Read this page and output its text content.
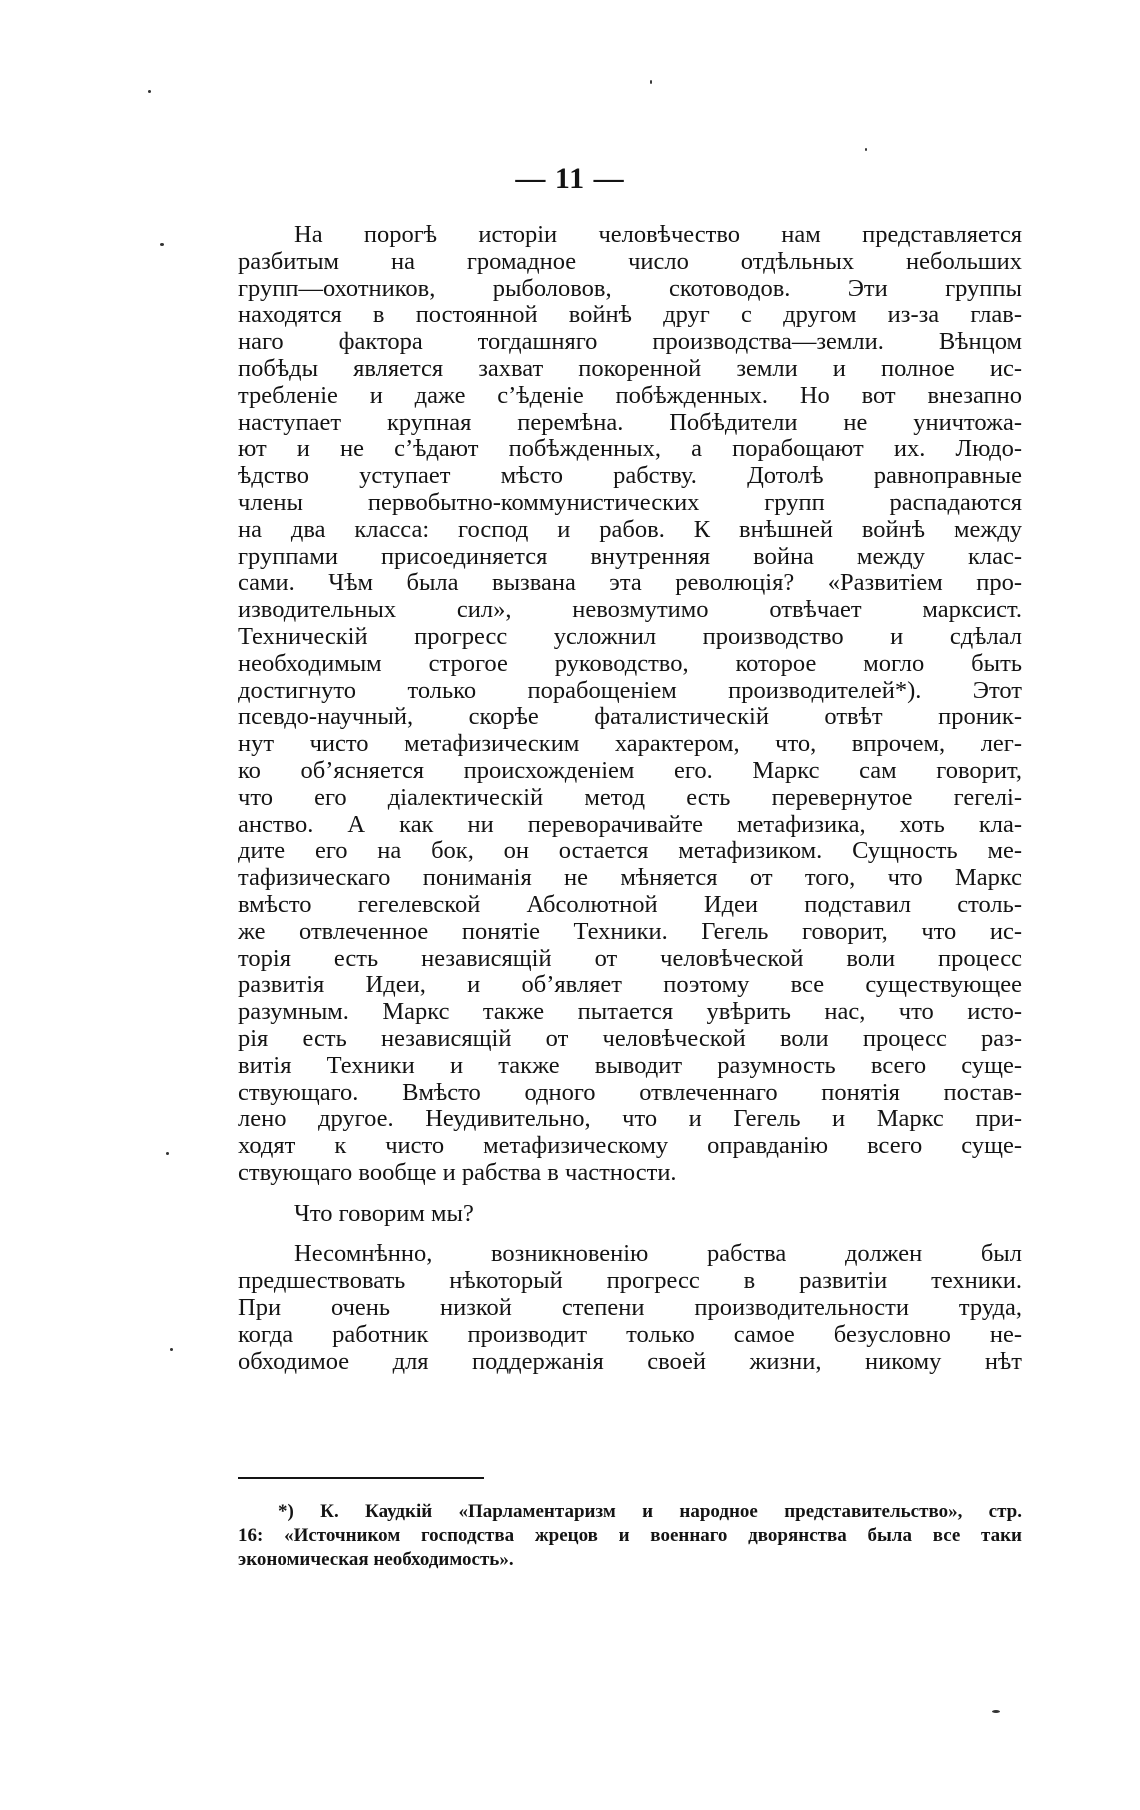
— 11 —
На порогѣ исторіи человѣчество нам представляется
разбитым на громадное число отдѣльных небольших
групп—охотников, рыболовов, скотоводов. Эти группы
находятся в постоянной войнѣ друг с другом из-за глав-
наго фактора тогдашняго производства—земли. Вѣнцом
побѣды является захват покоренной земли и полное ис-
требленіе и даже с’ѣденіе побѣжденных. Но вот внезапно
наступает крупная перемѣна. Побѣдители не уничтожа-
ют и не с’ѣдают побѣжденных, а порабощают их. Людо-
ѣдство уступает мѣсто рабству. Дотолѣ равноправные
члены первобытно-коммунистических групп распадаются
на два класса: господ и рабов. К внѣшней войнѣ между
группами присоединяется внутренняя война между клас-
сами. Чѣм была вызвана эта революція? «Развитіем про-
изводительных сил», невозмутимо отвѣчает марксист.
Техническій прогресс усложнил производство и сдѣлал
необходимым строгое руководство, которое могло быть
достигнуто только порабощеніем производителей*). Этот
псевдо-научный, скорѣе фаталистическій отвѣт проник-
нут чисто метафизическим характером, что, впрочем, лег-
ко об’ясняется происхожденіем его. Маркс сам говорит,
что его діалектическій метод есть перевернутое гегелі-
анство. А как ни переворачивайте метафизика, хоть кла-
дите его на бок, он остается метафизиком. Сущность ме-
тафизическаго пониманія не мѣняется от того, что Маркс
вмѣсто гегелевской Абсолютной Идеи подставил столь-
же отвлеченное понятіе Техники. Гегель говорит, что ис-
торія есть независящій от человѣческой воли процесс
развитія Идеи, и об’являет поэтому все существующее
разумным. Маркс также пытается увѣрить нас, что исто-
рія есть независящій от человѣческой воли процесс раз-
витія Техники и также выводит разумность всего суще-
ствующаго. Вмѣсто одного отвлеченнаго понятія постав-
лено другое. Неудивительно, что и Гегель и Маркс при-
ходят к чисто метафизическому оправданію всего суще-
ствующаго вообще и рабства в частности.
Что говорим мы?
Несомнѣнно, возникновенію рабства должен был
предшествовать нѣкоторый прогресс в развитіи техники.
При очень низкой степени производительности труда,
когда работник производит только самое безусловно не-
обходимое для поддержанія своей жизни, никому нѣт
*) К. Каудкій «Парламентаризм и народное представительство», стр.
16: «Источником господства жрецов и военнаго дворянства была все таки
экономическая необходимость».
